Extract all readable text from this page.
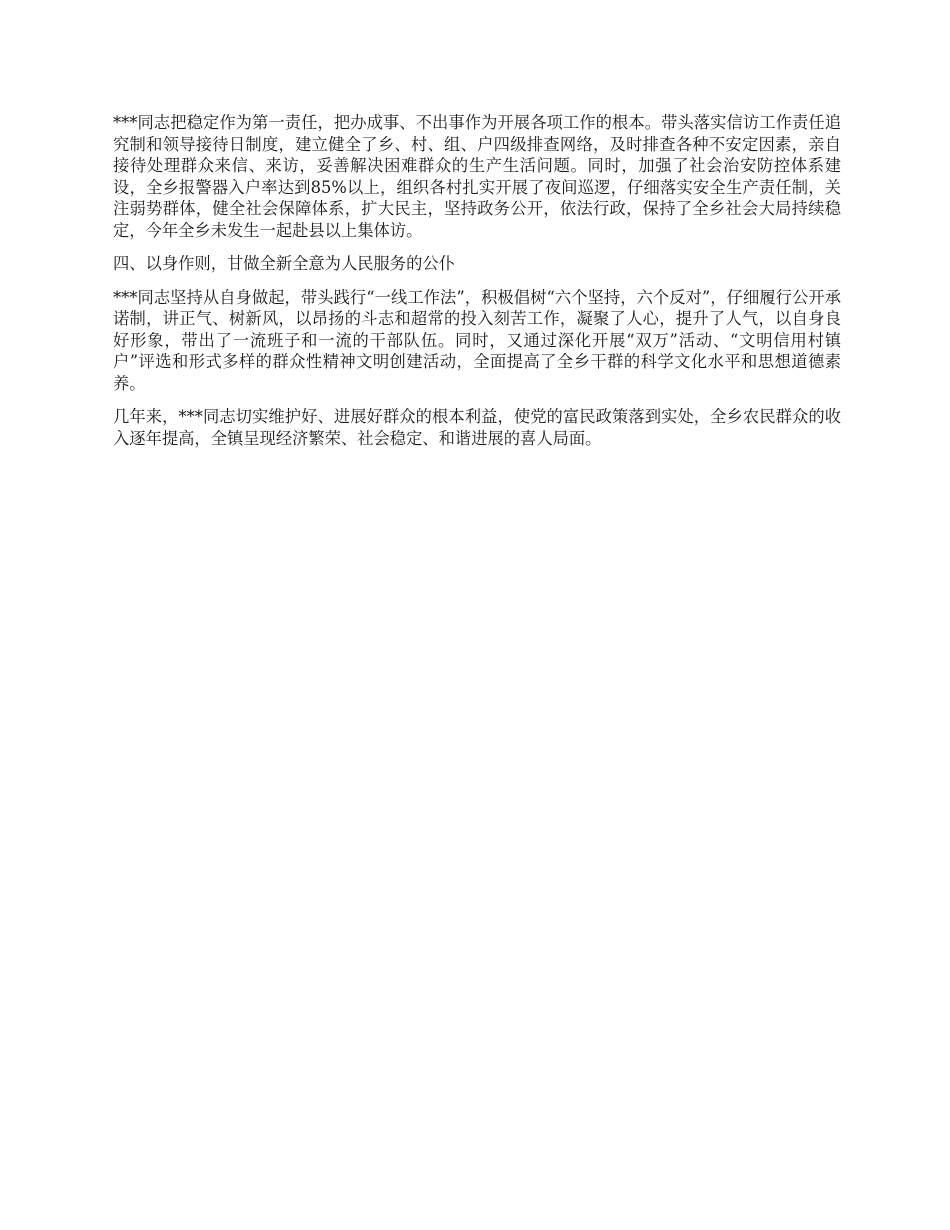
***同志把稳定作为第一责任，把办成事、不出事作为开展各项工作的根本。带头落实信访工作责任追究制和领导接待日制度，建立健全了乡、村、组、户四级排查网络，及时排查各种不安定因素，亲自接待处理群众来信、来访，妥善解决困难群众的生产生活问题。同时，加强了社会治安防控体系建设，全乡报警器入户率达到85%以上，组织各村扎实开展了夜间巡逻，仔细落实安全生产责任制，关注弱势群体，健全社会保障体系，扩大民主，坚持政务公开，依法行政，保持了全乡社会大局持续稳定，今年全乡未发生一起赴县以上集体访。

四、以身作则，甘做全新全意为人民服务的公仆

***同志坚持从自身做起，带头践行“一线工作法”，积极倡树“六个坚持，六个反对”，仔细履行公开承诺制，讲正气、树新风，以昂扬的斗志和超常的投入刻苦工作，凝聚了人心，提升了人气，以自身良好形象，带出了一流班子和一流的干部队伍。同时，又通过深化开展“双万”活动、“文明信用村镇户”评选和形式多样的群众性精神文明创建活动，全面提高了全乡干群的科学文化水平和思想道德素养。

几年来，***同志切实维护好、进展好群众的根本利益，使党的富民政策落到实处，全乡农民群众的收入逐年提高，全镇呈现经济繁荣、社会稳定、和谐进展的喜人局面。
